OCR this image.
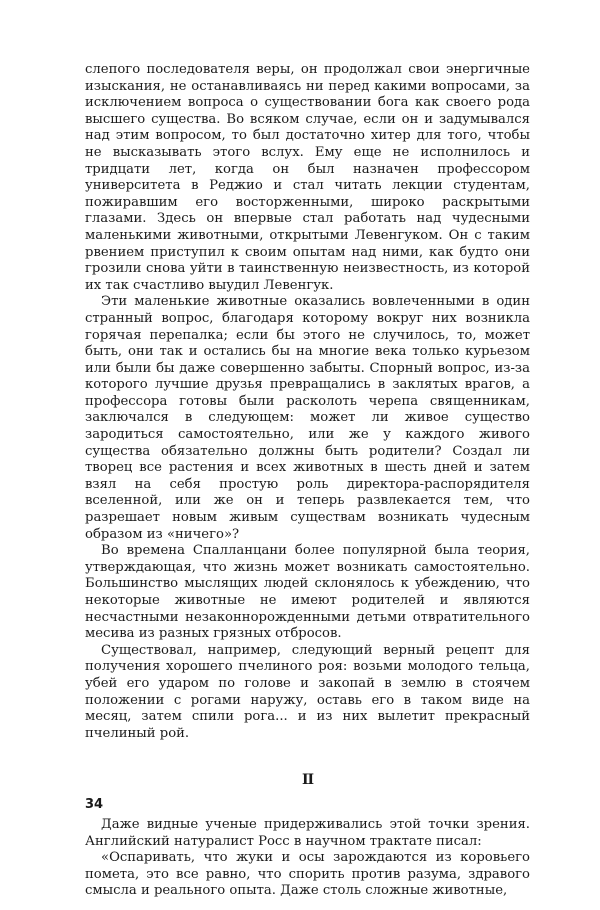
слепого последователя веры, он продолжал свои энергичные изыскания, не останавливаясь ни перед какими вопросами, за исключением вопроса о существовании бога как своего рода высшего существа. Во всяком случае, если он и задумывался над этим вопросом, то был достаточно хитер для того, чтобы не высказывать этого вслух. Ему еще не исполнилось и тридцати лет, когда он был назначен профессором университета в Реджио и стал читать лекции студентам, пожиравшим его восторженными, широко раскрытыми глазами. Здесь он впервые стал работать над чудесными маленькими животными, открытыми Левенгуком. Он с таким рвением приступил к своим опытам над ними, как будто они грозили снова уйти в таинственную неизвестность, из которой их так счастливо выудил Левенгук.

Эти маленькие животные оказались вовлеченными в один странный вопрос, благодаря которому вокруг них возникла горячая перепалка; если бы этого не случилось, то, может быть, они так и остались бы на многие века только курьезом или были бы даже совершенно забыты. Спорный вопрос, из-за которого лучшие друзья превращались в заклятых врагов, а профессора готовы были расколоть черепа священникам, заключался в следующем: может ли живое существо зародиться самостоятельно, или же у каждого живого существа обязательно должны быть родители? Создал ли творец все растения и всех животных в шесть дней и затем взял на себя простую роль директора-распорядителя вселенной, или же он и теперь развлекается тем, что разрешает новым живым существам возникать чудесным образом из «ничего»?

Во времена Спалланцани более популярной была теория, утверждающая, что жизнь может возникать самостоятельно. Большинство мыслящих людей склонялось к убеждению, что некоторые животные не имеют родителей и являются несчастными незаконнорожденными детьми отвратительного месива из разных грязных отбросов.

Существовал, например, следующий верный рецепт для получения хорошего пчелиного роя: возьми молодого тельца, убей его ударом по голове и закопай в землю в стоячем положении с рогами наружу, оставь его в таком виде на месяц, затем спили рога... и из них вылетит прекрасный пчелиный рой.

II

Даже видные ученые придерживались этой точки зрения. Английский натуралист Росс в научном трактате писал:

«Оспаривать, что жуки и осы зарождаются из коровьего помета, это все равно, что спорить против разума, здравого смысла и реального опыта. Даже столь сложные животные,

34
